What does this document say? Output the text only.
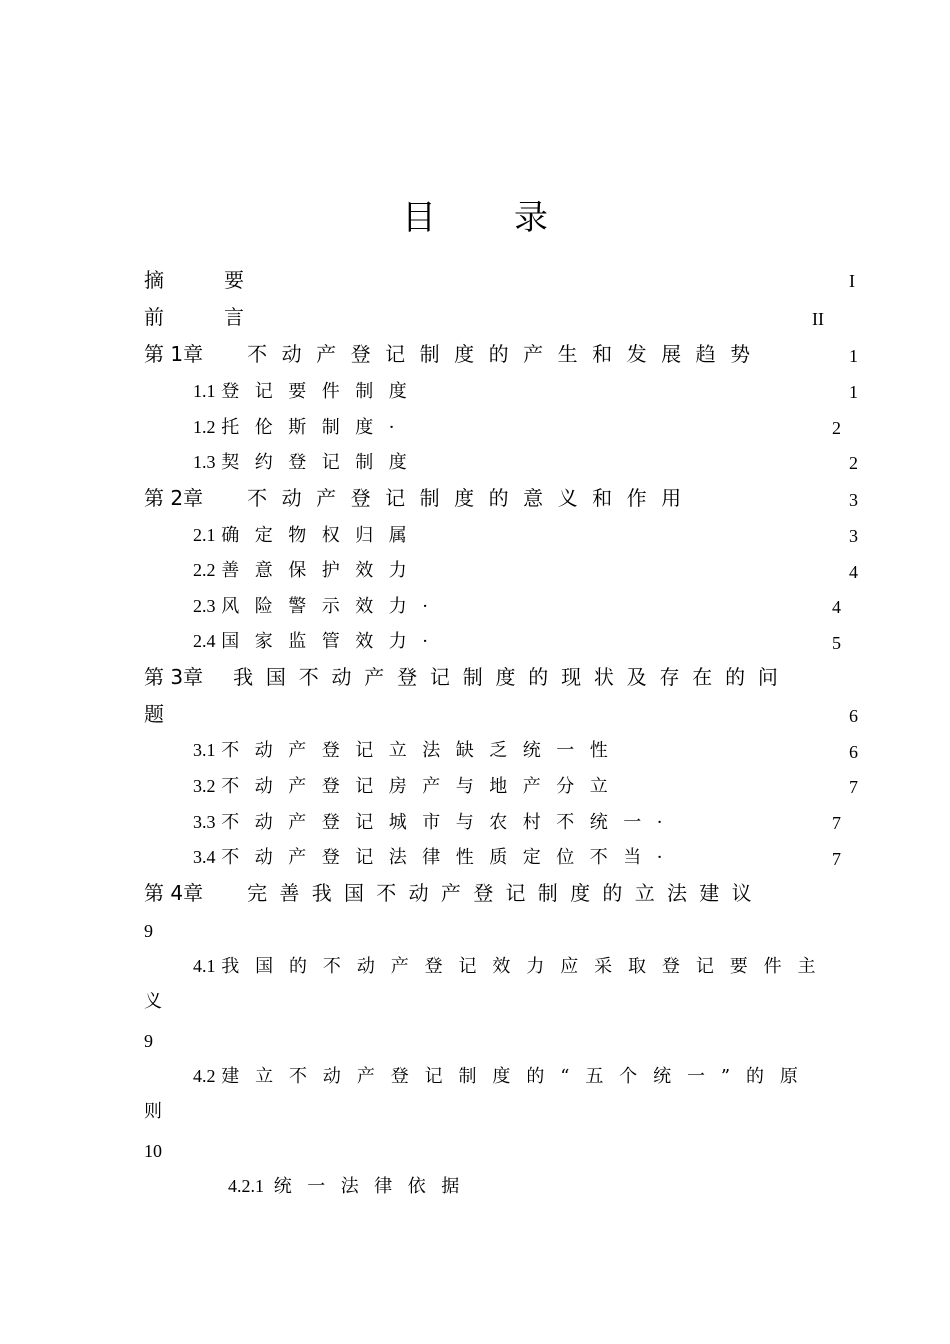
目 录
摘	要	I
前	言	II
第 1章 不动产登记制度的产生和发展趋势	1
1.1 登记要件制度	1
1.2 托伦斯制度·	2
1.3 契约登记制度	2
第 2章 不动产登记制度的意义和作用	3
2.1 确定物权归属	3
2.2 善意保护效力	4
2.3 风险警示效力·	4
2.4 国家监管效力·	5
第 3章 我国不动产登记制度的现状及存在的问
题	6
3.1 不动产登记立法缺乏统一性	6
3.2 不动产登记房产与地产分立	7
3.3 不动产登记城市与农村不统一·	7
3.4 不动产登记法律性质定位不当·	7
第 4章 完善我国不动产登记制度的立法建议
9
4.1 我国的不动产登记效力应采取登记要件主
义
9
4.2 建立不动产登记制度的“五个统一”的原
则
10
4.2.1 统一法律依据
